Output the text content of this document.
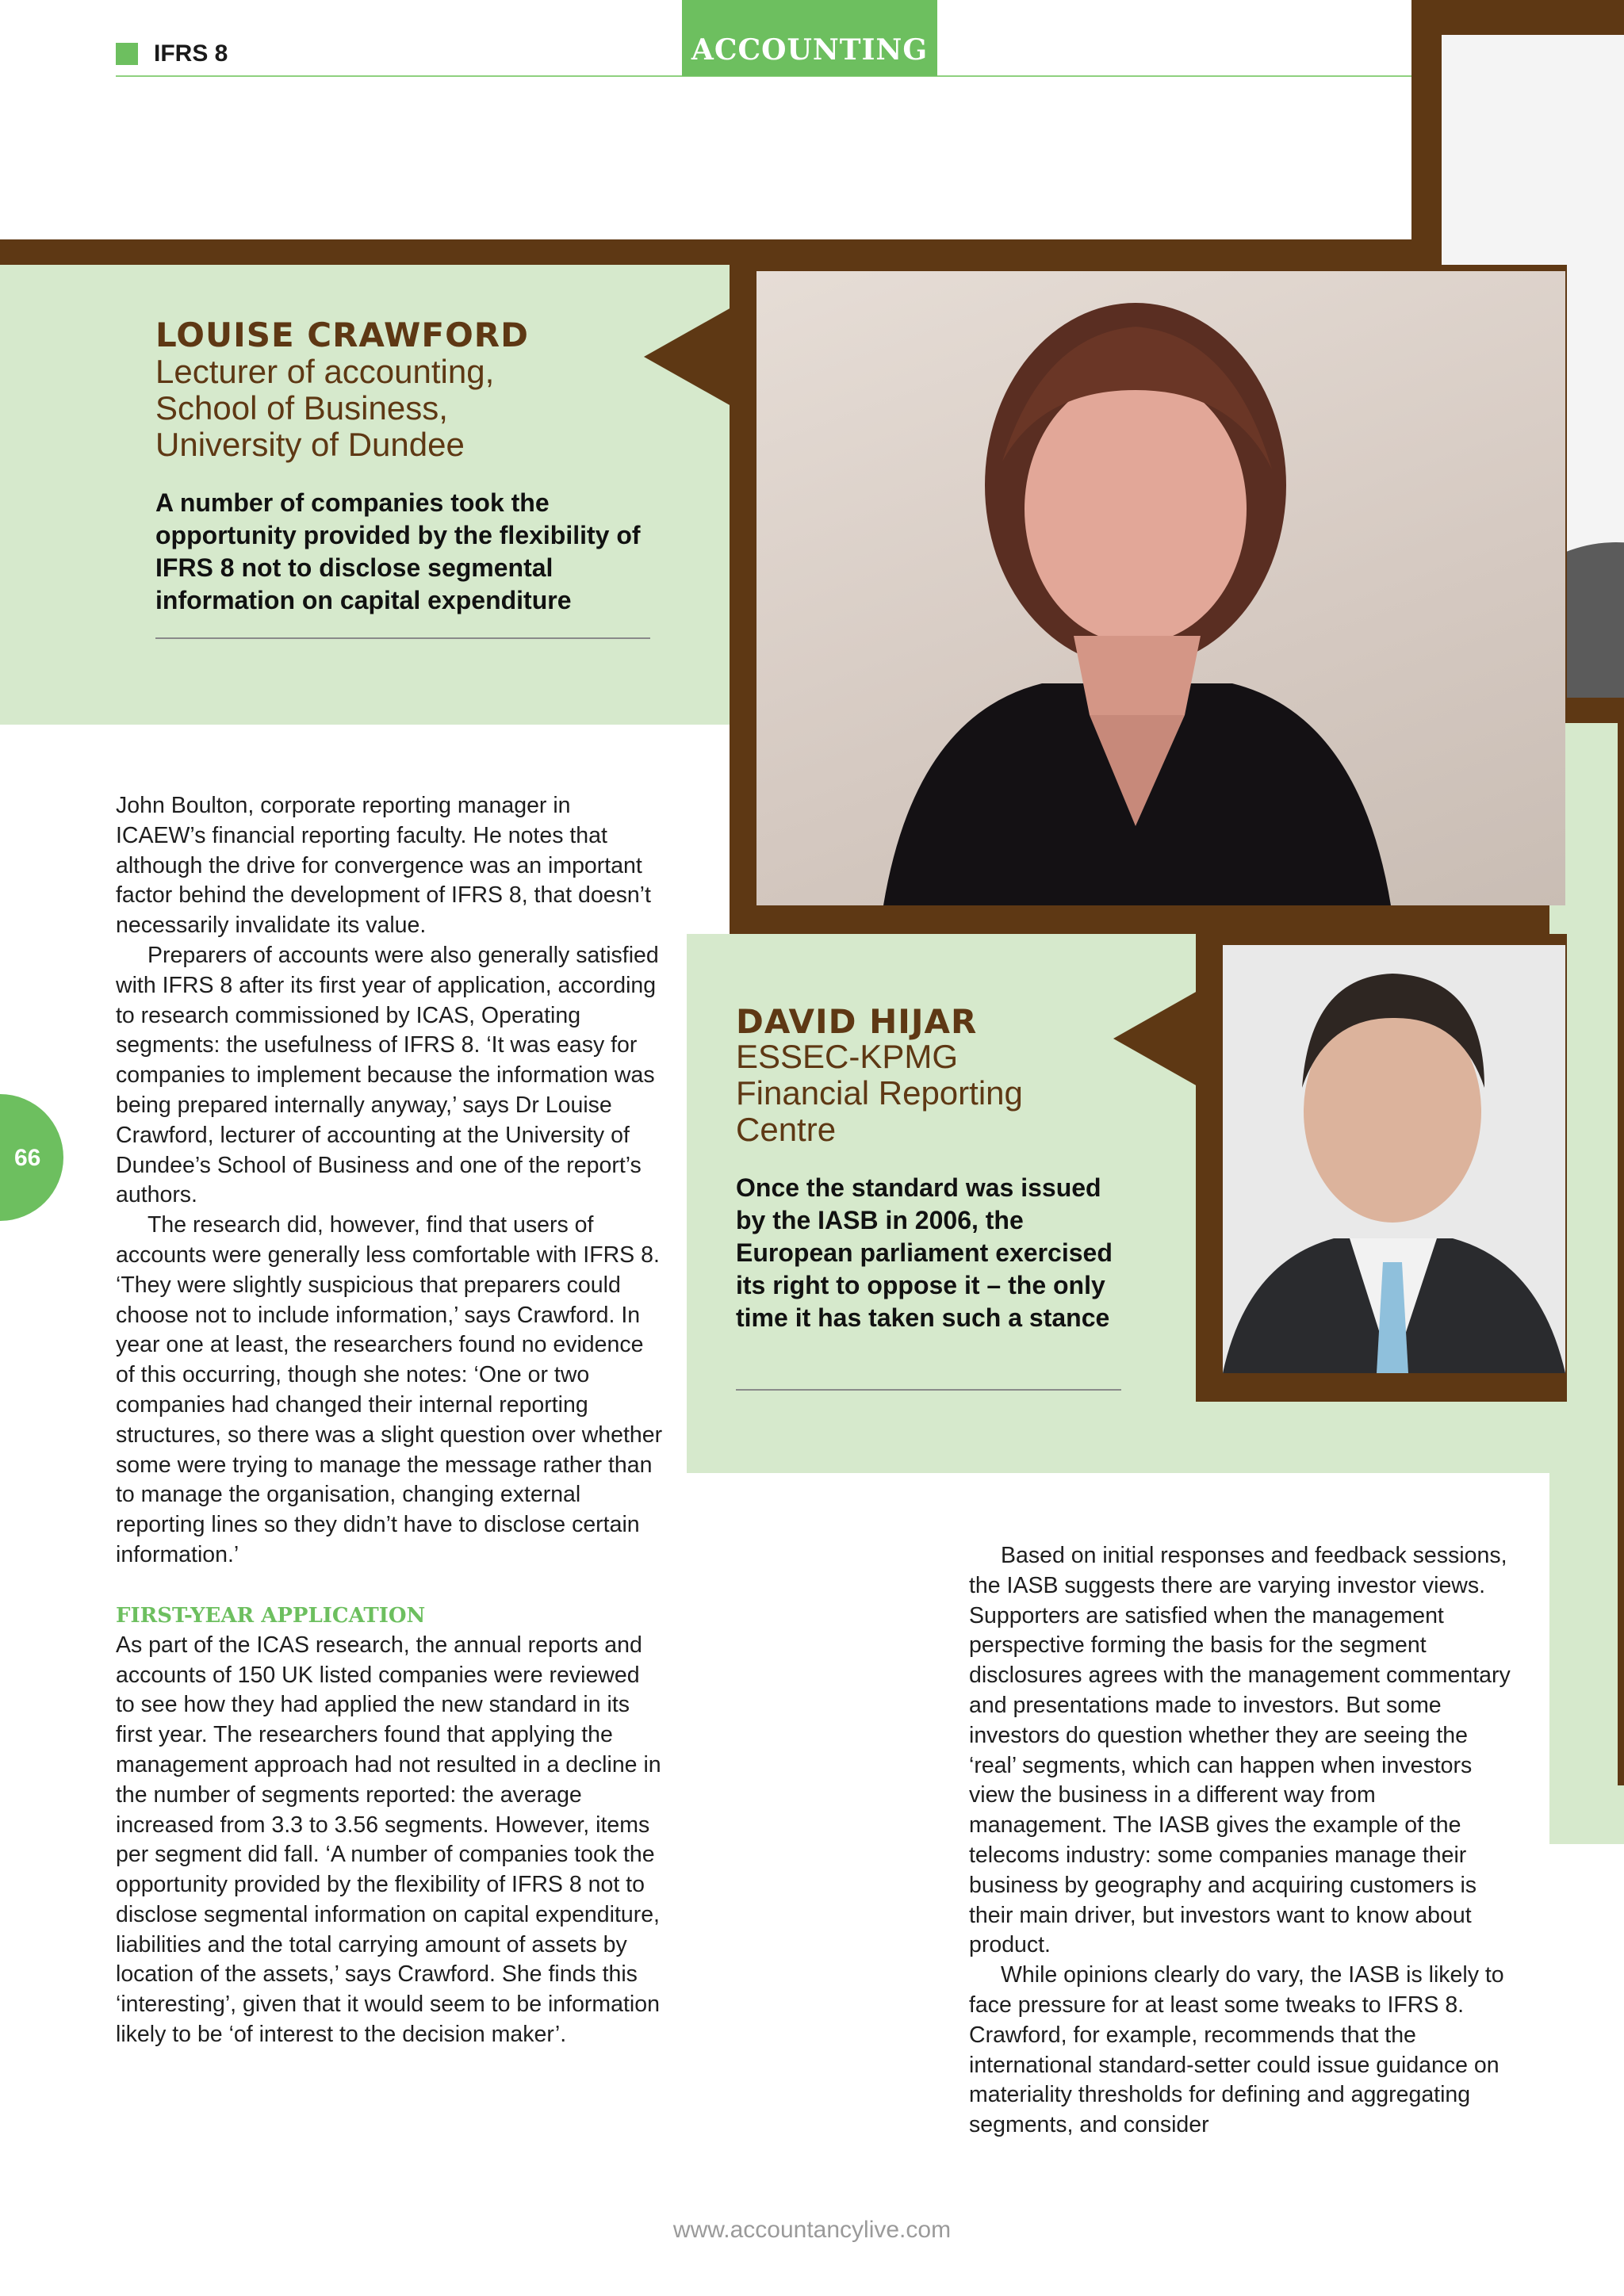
IFRS 8	ACCOUNTING
LOUISE CRAWFORD
Lecturer of accounting,
School of Business,
University of Dundee
A number of companies took the opportunity provided by the flexibility of IFRS 8 not to disclose segmental information on capital expenditure
DAVID HIJAR
ESSEC-KPMG
Financial Reporting
Centre
Once the standard was issued by the IASB in 2006, the European parliament exercised its right to oppose it – the only time it has taken such a stance
66

John Boulton, corporate reporting manager in ICAEW’s financial reporting faculty. He notes that although the drive for convergence was an important factor behind the development of IFRS 8, that doesn’t necessarily invalidate its value.

Preparers of accounts were also generally satisfied with IFRS 8 after its first year of application, according to research commissioned by ICAS, Operating segments: the usefulness of IFRS 8. ‘It was easy for companies to implement because the information was being prepared internally anyway,’ says Dr Louise Crawford, lecturer of accounting at the University of Dundee’s School of Business and one of the report’s authors.

The research did, however, find that users of accounts were generally less comfortable with IFRS 8. ‘They were slightly suspicious that preparers could choose not to include information,’ says Crawford. In year one at least, the researchers found no evidence of this occurring, though she notes: ‘One or two companies had changed their internal reporting structures, so there was a slight question over whether some were trying to manage the message rather than to manage the organisation, changing external reporting lines so they didn’t have to disclose certain information.’

FIRST-YEAR APPLICATION

As part of the ICAS research, the annual reports and accounts of 150 UK listed companies were reviewed to see how they had applied the new standard in its first year. The researchers found that applying the management approach had not resulted in a decline in the number of segments reported: the average increased from 3.3 to 3.56 segments. However, items per segment did fall. ‘A number of companies took the opportunity provided by the flexibility of IFRS 8 not to disclose segmental information on capital expenditure, liabilities and the total carrying amount of assets by location of the assets,’ says Crawford. She finds this ‘interesting’, given that it would seem to be information likely to be ‘of interest to the decision maker’.

Based on initial responses and feedback sessions, the IASB suggests there are varying investor views. Supporters are satisfied when the management perspective forming the basis for the segment disclosures agrees with the management commentary and presentations made to investors. But some investors do question whether they are seeing the ‘real’ segments, which can happen when investors view the business in a different way from management. The IASB gives the example of the telecoms industry: some companies manage their business by geography and acquiring customers is their main driver, but investors want to know about product.

While opinions clearly do vary, the IASB is likely to face pressure for at least some tweaks to IFRS 8. Crawford, for example, recommends that the international standard-setter could issue guidance on materiality thresholds for defining and aggregating segments, and consider

www.accountancylive.com
